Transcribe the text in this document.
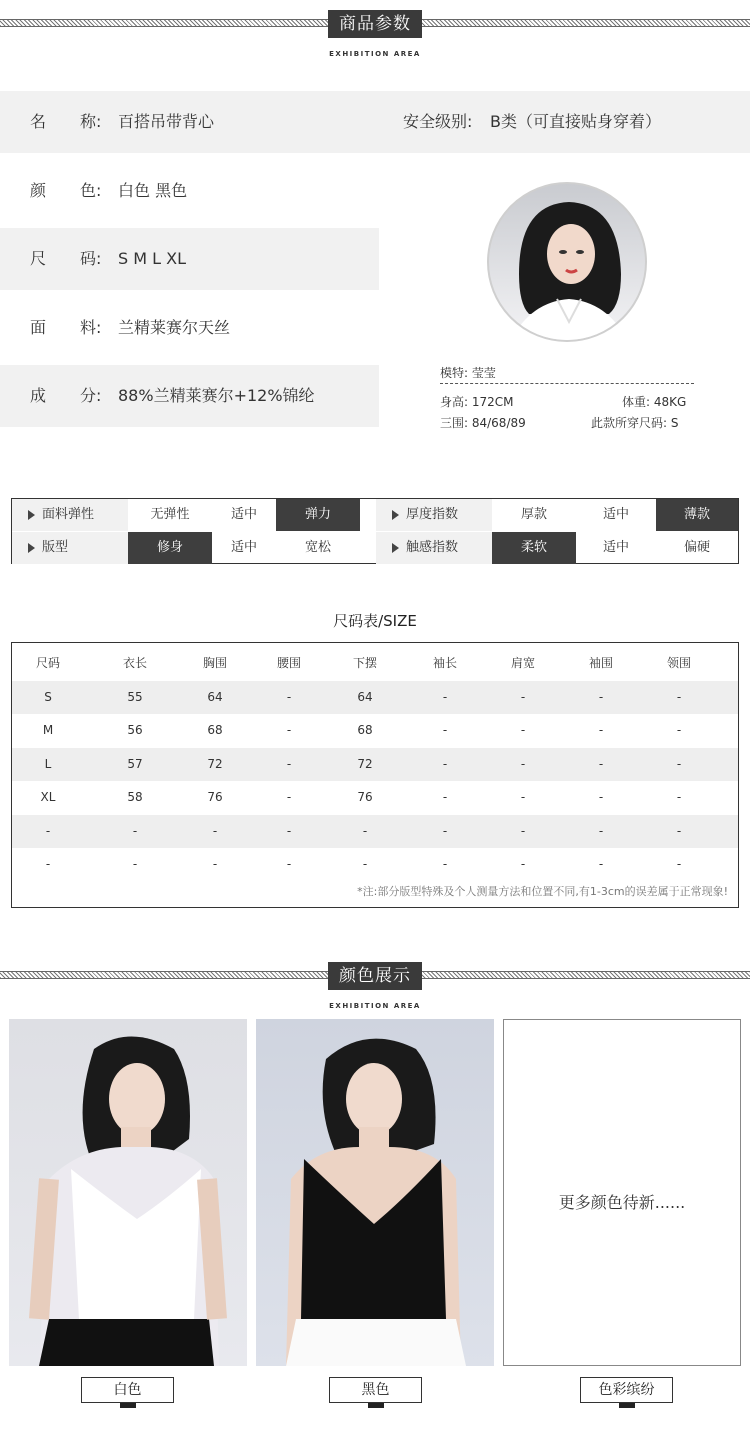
商品参数
EXHIBITION AREA
名 称: 百搭吊带背心	安全级别: B类（可直接贴身穿着）
颜 色: 白色 黑色
尺 码: S M L XL
面 料: 兰精莱赛尔天丝
成 分: 88%兰精莱赛尔+12%锦纶
模特: 莹莹
身高: 172CM	体重: 48KG
三围: 84/68/89	此款所穿尺码: S
面料弹性	无弹性	适中	弹力	厚度指数	厚款	适中	薄款
版型	修身	适中	宽松	触感指数	柔软	适中	偏硬
尺码表/SIZE
尺码	衣长	胸围	腰围	下摆	袖长	肩宽	袖围	领围
S	55	64	-	64	-	-	-	-
M	56	68	-	68	-	-	-	-
L	57	72	-	72	-	-	-	-
XL	58	76	-	76	-	-	-	-
-	-	-	-	-	-	-	-	-
-	-	-	-	-	-	-	-	-
*注:部分版型特殊及个人测量方法和位置不同,有1-3cm的误差属于正常现象!
颜色展示
EXHIBITION AREA
更多颜色待新......
白色	黑色	色彩缤纷
